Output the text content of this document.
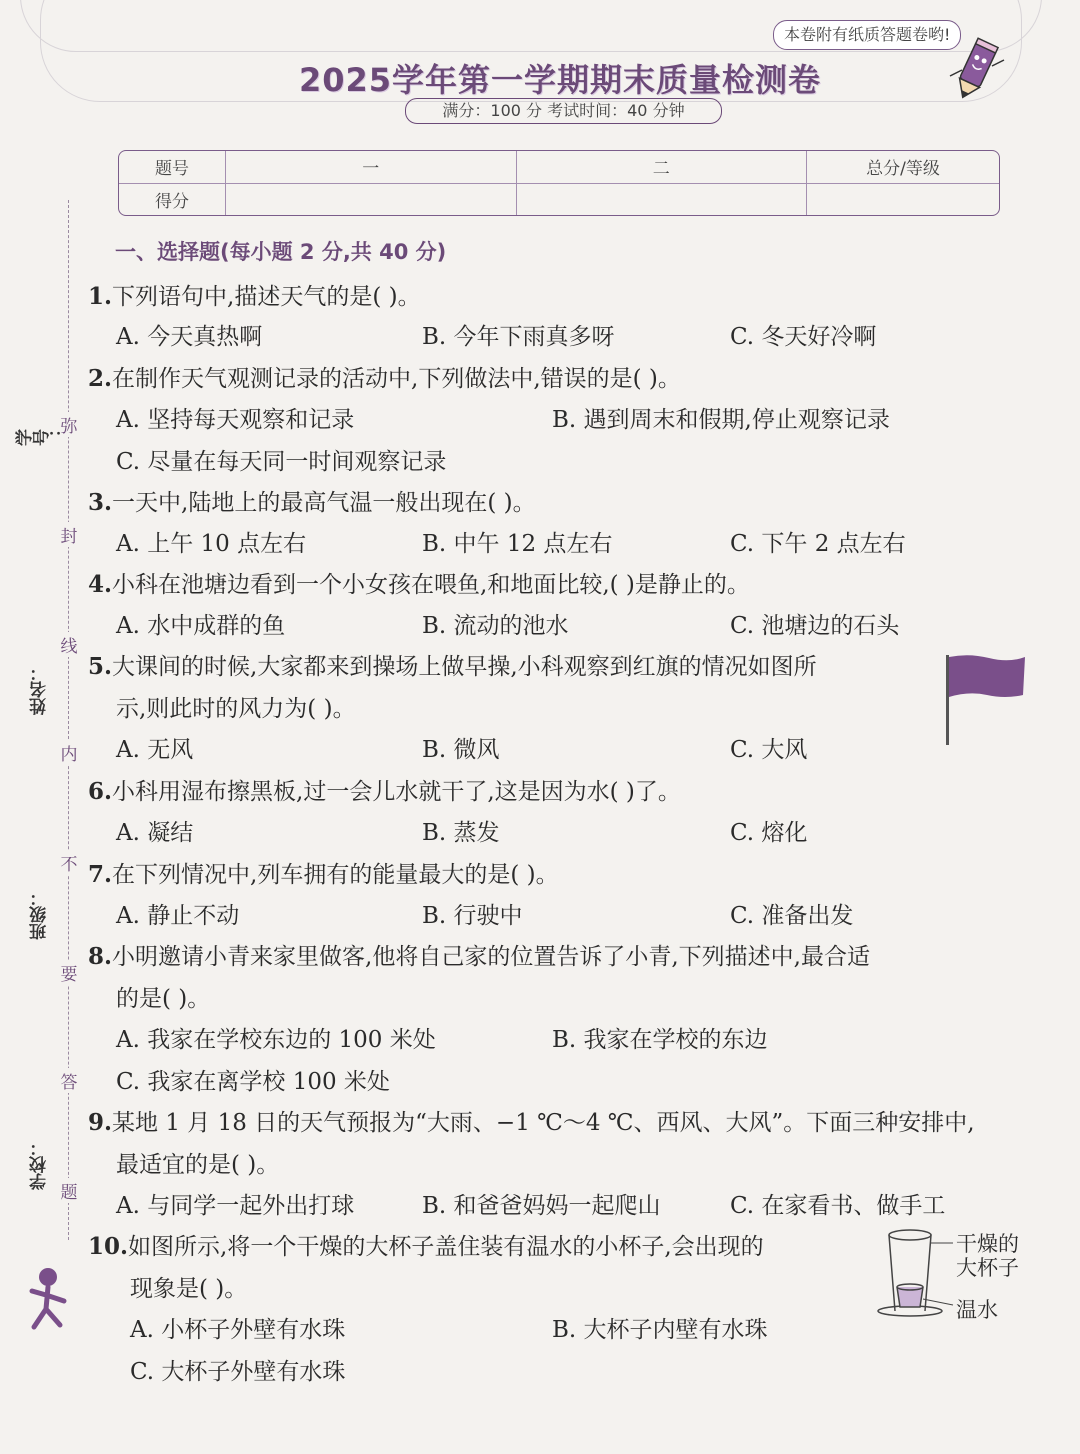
本卷附有纸质答题卷哟!
2025学年第一学期期末质量检测卷
满分：100 分 考试时间：40 分钟
题号	一	二	总分/等级
得分			
弥
封
线
内
不
要
答
题
学号：
姓名：
班级：
学校：
一、选择题(每小题 2 分,共 40 分)
1.下列语句中,描述天气的是( )。
A. 今天真热啊	B. 今年下雨真多呀	C. 冬天好冷啊
2.在制作天气观测记录的活动中,下列做法中,错误的是( )。
A. 坚持每天观察和记录	B. 遇到周末和假期,停止观察记录
C. 尽量在每天同一时间观察记录
3.一天中,陆地上的最高气温一般出现在( )。
A. 上午 10 点左右	B. 中午 12 点左右	C. 下午 2 点左右
4.小科在池塘边看到一个小女孩在喂鱼,和地面比较,( )是静止的。
A. 水中成群的鱼	B. 流动的池水	C. 池塘边的石头
5.大课间的时候,大家都来到操场上做早操,小科观察到红旗的情况如图所
示,则此时的风力为( )。
A. 无风	B. 微风	C. 大风
6.小科用湿布擦黑板,过一会儿水就干了,这是因为水( )了。
A. 凝结	B. 蒸发	C. 熔化
7.在下列情况中,列车拥有的能量最大的是( )。
A. 静止不动	B. 行驶中	C. 准备出发
8.小明邀请小青来家里做客,他将自己家的位置告诉了小青,下列描述中,最合适
的是( )。
A. 我家在学校东边的 100 米处	B. 我家在学校的东边
C. 我家在离学校 100 米处
9.某地 1 月 18 日的天气预报为“大雨、−1 ℃～4 ℃、西风、大风”。下面三种安排中,
最适宜的是( )。
A. 与同学一起外出打球	B. 和爸爸妈妈一起爬山	C. 在家看书、做手工
10.如图所示,将一个干燥的大杯子盖住装有温水的小杯子,会出现的
现象是( )。
A. 小杯子外壁有水珠	B. 大杯子内壁有水珠
C. 大杯子外壁有水珠
干燥的
大杯子
温水
